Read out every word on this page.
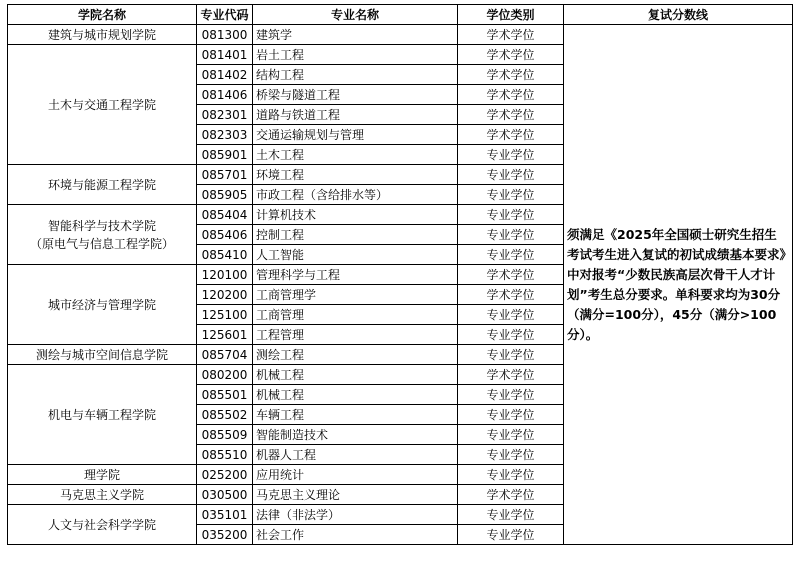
学院名称	专业代码	专业名称	学位类别	复试分数线
建筑与城市规划学院	081300	建筑学	学术学位	须满足《2025年全国硕士研究生招生考试考生进入复试的初试成绩基本要求》中对报考“少数民族高层次骨干人才计划”考生总分要求。单科要求均为30分（满分=100分），45分（满分>100分）。
土木与交通工程学院	081401	岩土工程	学术学位	
	081402	结构工程	学术学位	
	081406	桥梁与隧道工程	学术学位	
	082301	道路与铁道工程	学术学位	
	082303	交通运输规划与管理	学术学位	
	085901	土木工程	专业学位	
环境与能源工程学院	085701	环境工程	专业学位	
	085905	市政工程（含给排水等）	专业学位	
智能科学与技术学院
（原电气与信息工程学院）	085404	计算机技术	专业学位	
	085406	控制工程	专业学位	
	085410	人工智能	专业学位	
城市经济与管理学院	120100	管理科学与工程	学术学位	
	120200	工商管理学	学术学位	
	125100	工商管理	专业学位	
	125601	工程管理	专业学位	
测绘与城市空间信息学院	085704	测绘工程	专业学位	
机电与车辆工程学院	080200	机械工程	学术学位	
	085501	机械工程	专业学位	
	085502	车辆工程	专业学位	
	085509	智能制造技术	专业学位	
	085510	机器人工程	专业学位	
理学院	025200	应用统计	专业学位	
马克思主义学院	030500	马克思主义理论	学术学位	
人文与社会科学学院	035101	法律（非法学）	专业学位	
	035200	社会工作	专业学位	
